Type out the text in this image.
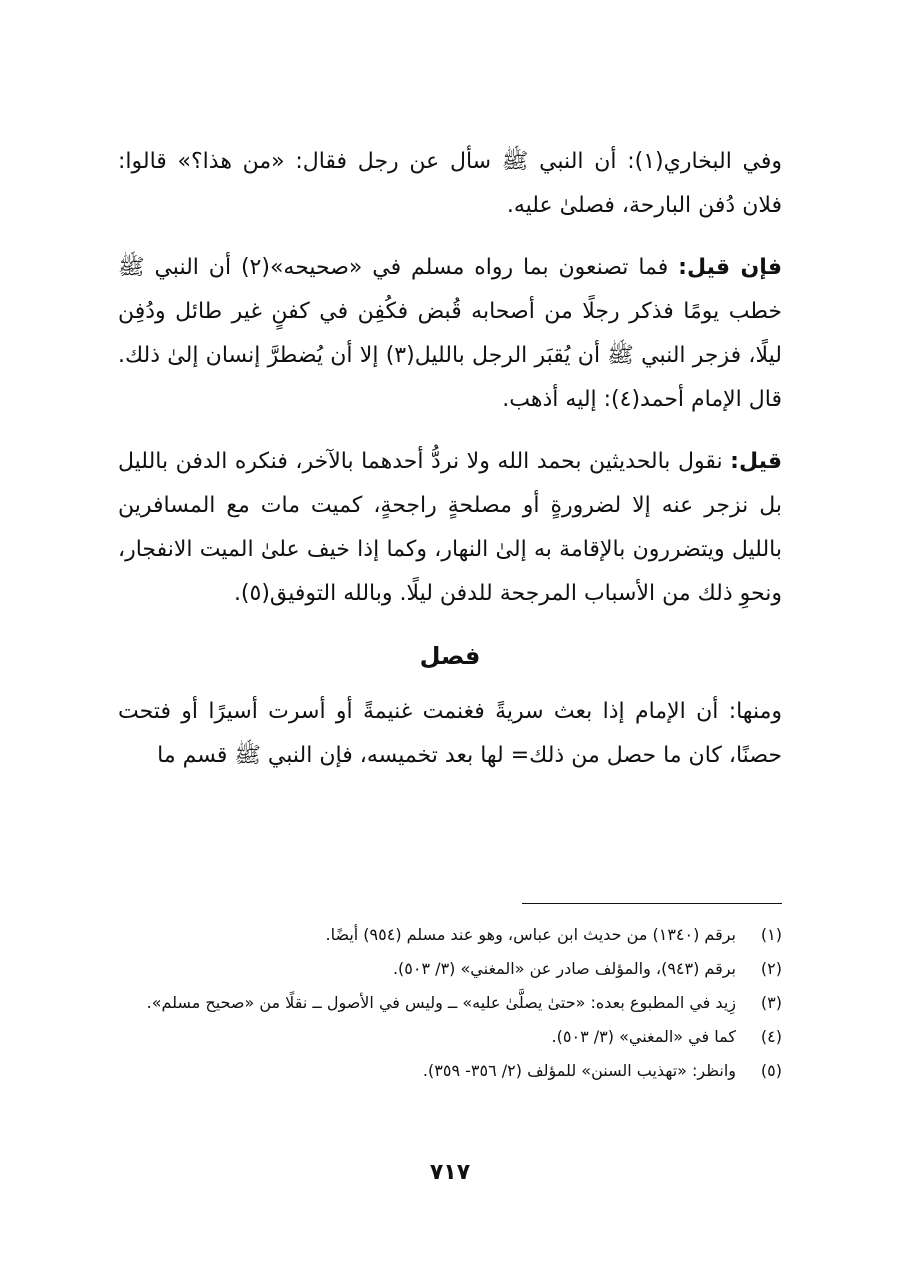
وفي البخاري(١): أن النبي ﷺ سأل عن رجل فقال: «من هذا؟» قالوا: فلان دُفن البارحة، فصلىٰ عليه.

فإن قيل: فما تصنعون بما رواه مسلم في «صحيحه»(٢) أن النبي ﷺ خطب يومًا فذكر رجلًا من أصحابه قُبض فكُفِن في كفنٍ غير طائل ودُفِن ليلًا، فزجر النبي ﷺ أن يُقبَر الرجل بالليل(٣) إلا أن يُضطرَّ إنسان إلىٰ ذلك. قال الإمام أحمد(٤): إليه أذهب.

قيل: نقول بالحديثين بحمد الله ولا نردُّ أحدهما بالآخر، فنكره الدفن بالليل بل نزجر عنه إلا لضرورةٍ أو مصلحةٍ راجحةٍ، كميت مات مع المسافرين بالليل ويتضررون بالإقامة به إلىٰ النهار، وكما إذا خيف علىٰ الميت الانفجار، ونحوِ ذلك من الأسباب المرجحة للدفن ليلًا. وبالله التوفيق(٥).

فصل

ومنها: أن الإمام إذا بعث سريةً فغنمت غنيمةً أو أسرت أسيرًا أو فتحت حصنًا، كان ما حصل من ذلك= لها بعد تخميسه، فإن النبي ﷺ قسم ما

(١)
برقم (١٣٤٠) من حديث ابن عباس، وهو عند مسلم (٩٥٤) أيضًا.
(٢)
برقم (٩٤٣)، والمؤلف صادر عن «المغني» (٣/ ٥٠٣).
(٣)
زِيد في المطبوع بعده: «حتىٰ يصلَّىٰ عليه» ــ وليس في الأصول ــ نقلًا من «صحيح مسلم».
(٤)
كما في «المغني» (٣/ ٥٠٣).
(٥)
وانظر: «تهذيب السنن» للمؤلف (٢/ ٣٥٦- ٣٥٩).
٧١٧
